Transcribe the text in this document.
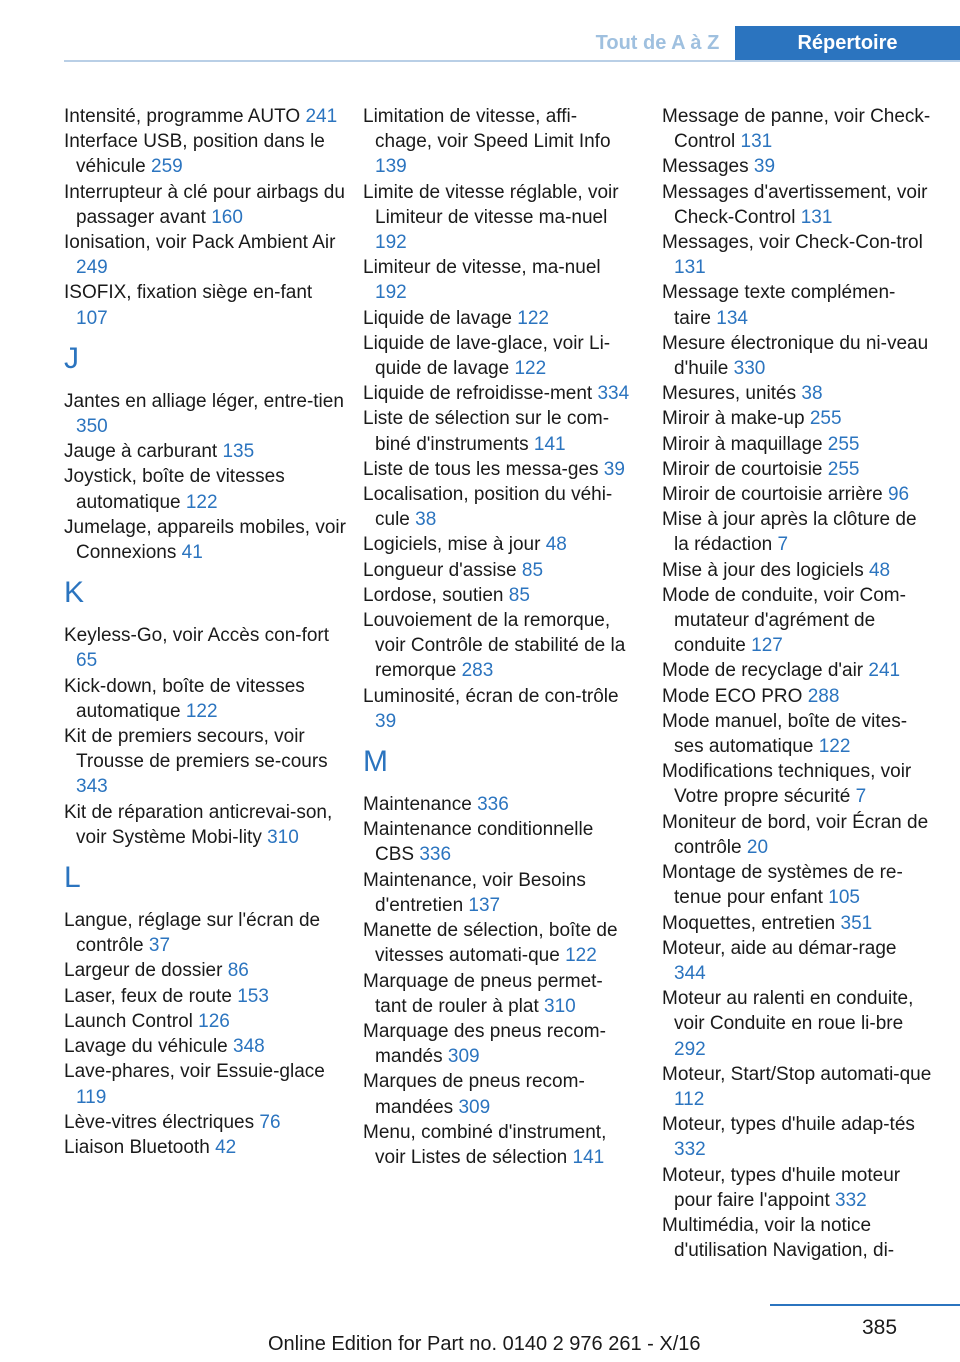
Tout de A à Z	Répertoire

Intensité, programme AUTO 241

Interface USB, position dans le véhicule 259

Interrupteur à clé pour airbags du passager avant 160

Ionisation, voir Pack Ambient Air 249

ISOFIX, fixation siège en-fant 107

J

Jantes en alliage léger, entre-tien 350

Jauge à carburant 135

Joystick, boîte de vitesses automatique 122

Jumelage, appareils mobiles, voir Connexions 41

K

Keyless-Go, voir Accès con-fort 65

Kick-down, boîte de vitesses automatique 122

Kit de premiers secours, voir Trousse de premiers se-cours 343

Kit de réparation anticrevai-son, voir Système Mobi-lity 310

L

Langue, réglage sur l'écran de contrôle 37

Largeur de dossier 86

Laser, feux de route 153

Launch Control 126

Lavage du véhicule 348

Lave-phares, voir Essuie-glace 119

Lève-vitres électriques 76

Liaison Bluetooth 42

Limitation de vitesse, affi-chage, voir Speed Limit Info 139

Limite de vitesse réglable, voir Limiteur de vitesse ma-nuel 192

Limiteur de vitesse, ma-nuel 192

Liquide de lavage 122

Liquide de lave-glace, voir Li-quide de lavage 122

Liquide de refroidisse-ment 334

Liste de sélection sur le com-biné d'instruments 141

Liste de tous les messa-ges 39

Localisation, position du véhi-cule 38

Logiciels, mise à jour 48

Longueur d'assise 85

Lordose, soutien 85

Louvoiement de la remorque, voir Contrôle de stabilité de la remorque 283

Luminosité, écran de con-trôle 39

M

Maintenance 336

Maintenance conditionnelle CBS 336

Maintenance, voir Besoins d'entretien 137

Manette de sélection, boîte de vitesses automati-que 122

Marquage de pneus permet-tant de rouler à plat 310

Marquage des pneus recom-mandés 309

Marques de pneus recom-mandées 309

Menu, combiné d'instrument, voir Listes de sélection 141

Message de panne, voir Check-Control 131

Messages 39

Messages d'avertissement, voir Check-Control 131

Messages, voir Check-Con-trol 131

Message texte complémen-taire 134

Mesure électronique du ni-veau d'huile 330

Mesures, unités 38

Miroir à make-up 255

Miroir à maquillage 255

Miroir de courtoisie 255

Miroir de courtoisie arrière 96

Mise à jour après la clôture de la rédaction 7

Mise à jour des logiciels 48

Mode de conduite, voir Com-mutateur d'agrément de conduite 127

Mode de recyclage d'air 241

Mode ECO PRO 288

Mode manuel, boîte de vites-ses automatique 122

Modifications techniques, voir Votre propre sécurité 7

Moniteur de bord, voir Écran de contrôle 20

Montage de systèmes de re-tenue pour enfant 105

Moquettes, entretien 351

Moteur, aide au démar-rage 344

Moteur au ralenti en conduite, voir Conduite en roue li-bre 292

Moteur, Start/Stop automati-que 112

Moteur, types d'huile adap-tés 332

Moteur, types d'huile moteur pour faire l'appoint 332

Multimédia, voir la notice d'utilisation Navigation, di-

385
Online Edition for Part no. 0140 2 976 261 - X/16
